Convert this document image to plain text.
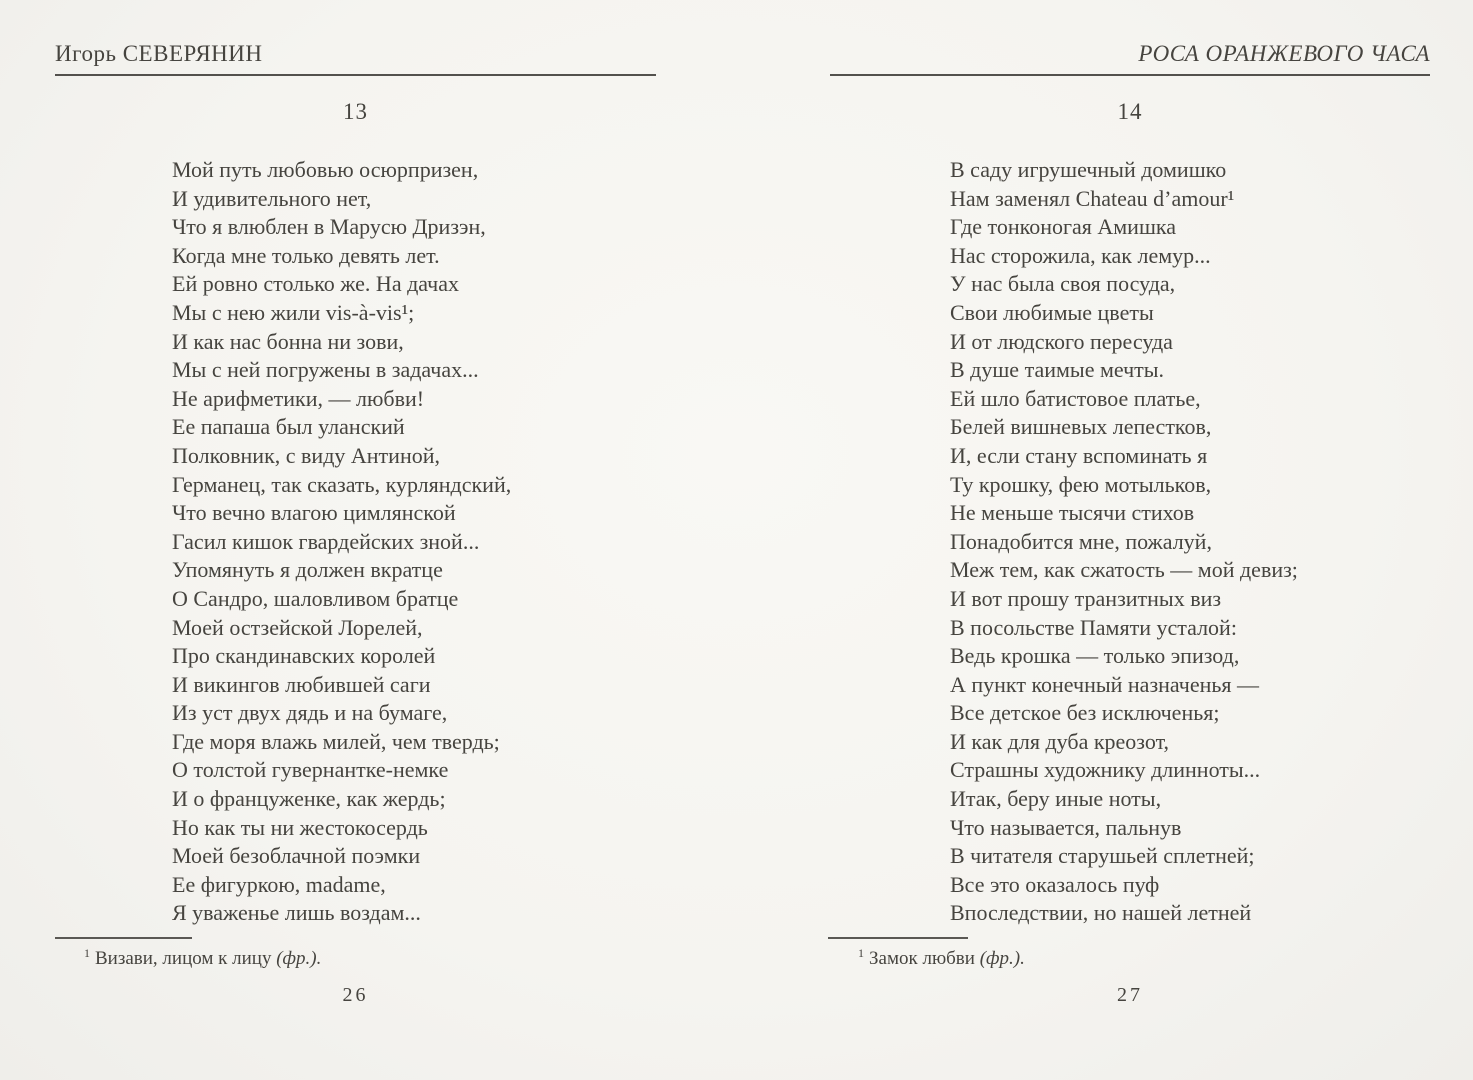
Игорь СЕВЕРЯНИН
13
Мой путь любовью осюрпризен,
И удивительного нет,
Что я влюблен в Марусю Дризэн,
Когда мне только девять лет.
Ей ровно столько же. На дачах
Мы с нею жили vis-à-vis¹;
И как нас бонна ни зови,
Мы с ней погружены в задачах...
Не арифметики, — любви!
Ее папаша был уланский
Полковник, с виду Антиной,
Германец, так сказать, курляндский,
Что вечно влагою цимлянской
Гасил кишок гвардейских зной...
Упомянуть я должен вкратце
О Сандро, шаловливом братце
Моей остзейской Лорелей,
Про скандинавских королей
И викингов любившей саги
Из уст двух дядь и на бумаге,
Где моря влажь милей, чем твердь;
О толстой гувернантке-немке
И о француженке, как жердь;
Но как ты ни жестокосердь
Моей безоблачной поэмки
Ее фигуркою, madame,
Я уваженье лишь воздам...
$^1$ Визави, лицом к лицу (фр.).
26
РОСА ОРАНЖЕВОГО ЧАСА
14
В саду игрушечный домишко
Нам заменял Chateau d’amour¹
Где тонконогая Амишка
Нас сторожила, как лемур...
У нас была своя посуда,
Свои любимые цветы
И от людского пересуда
В душе таимые мечты.
Ей шло батистовое платье,
Белей вишневых лепестков,
И, если стану вспоминать я
Ту крошку, фею мотыльков,
Не меньше тысячи стихов
Понадобится мне, пожалуй,
Меж тем, как сжатость — мой девиз;
И вот прошу транзитных виз
В посольстве Памяти усталой:
Ведь крошка — только эпизод,
А пункт конечный назначенья —
Все детское без исключенья;
И как для дуба креозот,
Страшны художнику длинноты...
Итак, беру иные ноты,
Что называется, пальнув
В читателя старушьей сплетней;
Все это оказалось пуф
Впоследствии, но нашей летней
$^1$ Замок любви (фр.).
27
